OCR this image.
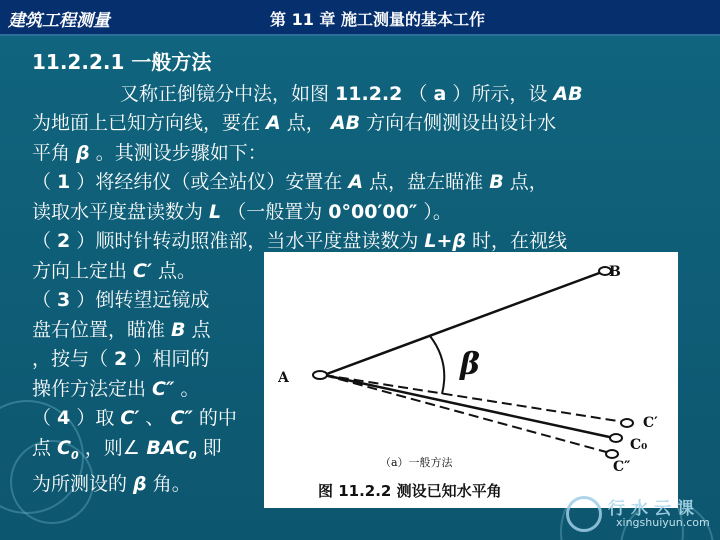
建筑工程测量	第 11 章 施工测量的基本工作
11.2.2.1 一般方法
又称正倒镜分中法，如图 11.2.2 （ a ）所示，设 AB
为地面上已知方向线，要在 A 点， AB 方向右侧测设出设计水
平角 β 。其测设步骤如下：
（ 1 ）将经纬仪（或全站仪）安置在 A 点，盘左瞄准 B 点，
读取水平度盘读数为 L （一般置为 0°00′00″ ）。
（ 2 ）顺时针转动照准部，当水平度盘读数为 L+β 时，在视线
方向上定出 C′ 点。
（ 3 ）倒转望远镜成
盘右位置，瞄准 B 点
，按与（ 2 ）相同的
操作方法定出 C″ 。
（ 4 ）取 C′ 、 C″ 的中
点 $C_0$ ，则∠ $BAC_0$ 即
为所测设的 β 角。
A
B
β
C′
C₀
C″
（a）一般方法
图 11.2.2 测设已知水平角
行水云课
xingshuiyun.com
